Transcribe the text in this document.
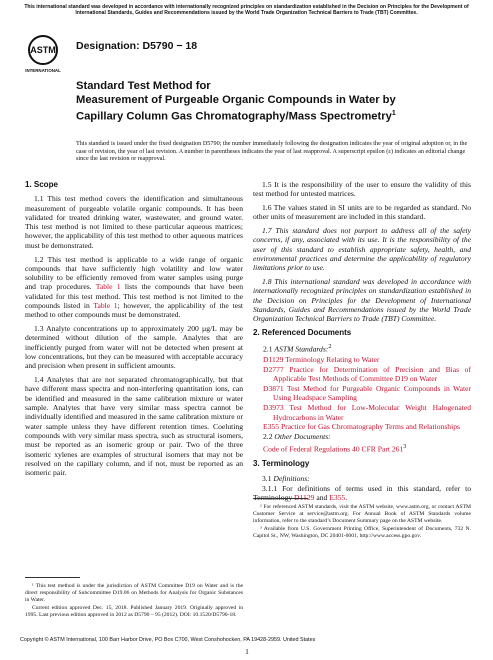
This international standard was developed in accordance with internationally recognized principles on standardization established in the Decision on Principles for the Development of International Standards, Guides and Recommendations issued by the World Trade Organization Technical Barriers to Trade (TBT) Committee.
ASTM
INTERNATIONAL
Designation: D5790 − 18
Standard Test Method for
Measurement of Purgeable Organic Compounds in Water by
Capillary Column Gas Chromatography/Mass Spectrometry$^1$
This standard is issued under the fixed designation D5790; the number immediately following the designation indicates the year of original adoption or, in the case of revision, the year of last revision. A number in parentheses indicates the year of last reapproval. A superscript epsilon (ε) indicates an editorial change since the last revision or reapproval.
1. Scope
1.1 This test method covers the identification and simultaneous measurement of purgeable volatile organic compounds. It has been validated for treated drinking water, wastewater, and ground water. This test method is not limited to these particular aqueous matrices; however, the applicability of this test method to other aqueous matrices must be demonstrated.
1.2 This test method is applicable to a wide range of organic compounds that have sufficiently high volatility and low water solubility to be efficiently removed from water samples using purge and trap procedures. Table 1 lists the compounds that have been validated for this test method. This test method is not limited to the compounds listed in Table 1; however, the applicability of the test method to other compounds must be demonstrated.
1.3 Analyte concentrations up to approximately 200 µg/L may be determined without dilution of the sample. Analytes that are inefficiently purged from water will not be detected when present at low concentrations, but they can be measured with acceptable accuracy and precision when present in sufficient amounts.
1.4 Analytes that are not separated chromatographically, but that have different mass spectra and non-interfering quantitation ions, can be identified and measured in the same calibration mixture or water sample. Analytes that have very similar mass spectra cannot be individually identified and measured in the same calibration mixture or water sample unless they have different retention times. Coeluting compounds with very similar mass spectra, such as structural isomers, must be reported as an isomeric group or pair. Two of the three isomeric xylenes are examples of structural isomers that may not be resolved on the capillary column, and if not, must be reported as an isomeric pair.
1.5 It is the responsibility of the user to ensure the validity of this test method for untested matrices.
1.6 The values stated in SI units are to be regarded as standard. No other units of measurement are included in this standard.
1.7 This standard does not purport to address all of the safety concerns, if any, associated with its use. It is the responsibility of the user of this standard to establish appropriate safety, health, and environmental practices and determine the applicability of regulatory limitations prior to use.
1.8 This international standard was developed in accordance with internationally recognized principles on standardization established in the Decision on Principles for the Development of International Standards, Guides and Recommendations issued by the World Trade Organization Technical Barriers to Trade (TBT) Committee.
2. Referenced Documents
2.1 ASTM Standards:$^2$
D1129 Terminology Relating to Water
D2777 Practice for Determination of Precision and Bias of Applicable Test Methods of Committee D19 on Water
D3871 Test Method for Purgeable Organic Compounds in Water Using Headspace Sampling
D3973 Test Method for Low-Molecular Weight Halogenated Hydrocarbons in Water
E355 Practice for Gas Chromatography Terms and Relationships
2.2 Other Documents:
Code of Federal Regulations 40 CFR Part $261^3$
3. Terminology
3.1 Definitions:
3.1.1 For definitions of terms used in this standard, refer to Terminology D1129 and E355.

¹ This test method is under the jurisdiction of ASTM Committee D19 on Water and is the direct responsibility of Subcommittee D19.06 on Methods for Analysis for Organic Substances in Water.

Current edition approved Dec. 15, 2018. Published January 2019. Originally approved in 1995. Last previous edition approved in 2012 as D5790 – 95 (2012). DOI: 10.1520/D5790-18.

² For referenced ASTM standards, visit the ASTM website, www.astm.org, or contact ASTM Customer Service at service@astm.org. For Annual Book of ASTM Standards volume information, refer to the standard’s Document Summary page on the ASTM website.

³ Available from U.S. Government Printing Office, Superintendent of Documents, 732 N. Capitol St., NW, Washington, DC 20401-0001, http://www.access.gpo.gov.

Copyright © ASTM International, 100 Barr Harbor Drive, PO Box C700, West Conshohocken, PA 19428-2959. United States
1
